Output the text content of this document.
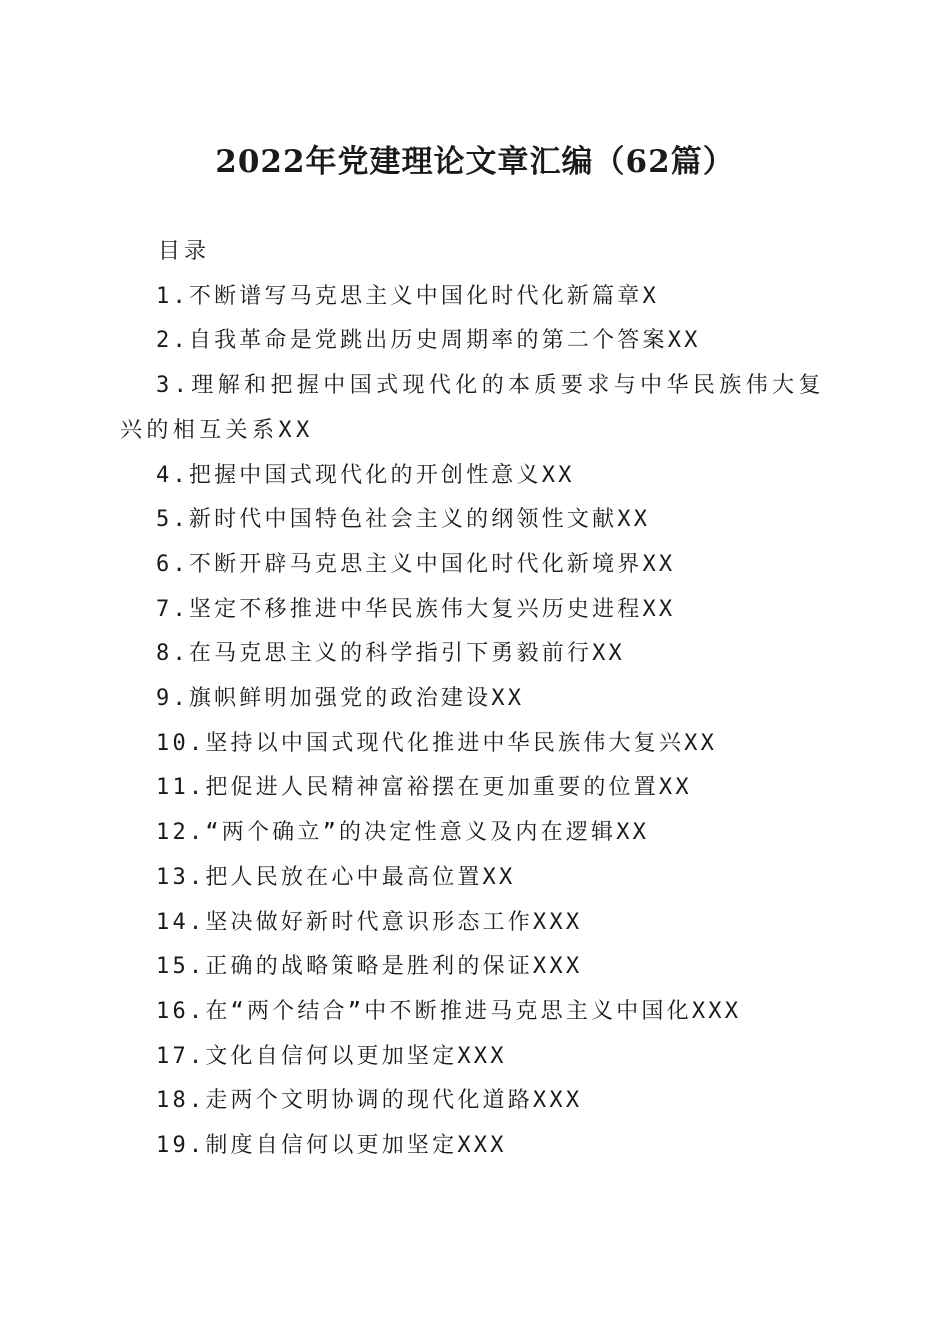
2022年党建理论文章汇编（62篇）
目录
1.不断谱写马克思主义中国化时代化新篇章X
2.自我革命是党跳出历史周期率的第二个答案XX
3.理解和把握中国式现代化的本质要求与中华民族伟大复兴的相互关系XX
4.把握中国式现代化的开创性意义XX
5.新时代中国特色社会主义的纲领性文献XX
6.不断开辟马克思主义中国化时代化新境界XX
7.坚定不移推进中华民族伟大复兴历史进程XX
8.在马克思主义的科学指引下勇毅前行XX
9.旗帜鲜明加强党的政治建设XX
10.坚持以中国式现代化推进中华民族伟大复兴XX
11.把促进人民精神富裕摆在更加重要的位置XX
12.“两个确立”的决定性意义及内在逻辑XX
13.把人民放在心中最高位置XX
14.坚决做好新时代意识形态工作XXX
15.正确的战略策略是胜利的保证XXX
16.在“两个结合”中不断推进马克思主义中国化XXX
17.文化自信何以更加坚定XXX
18.走两个文明协调的现代化道路XXX
19.制度自信何以更加坚定XXX
